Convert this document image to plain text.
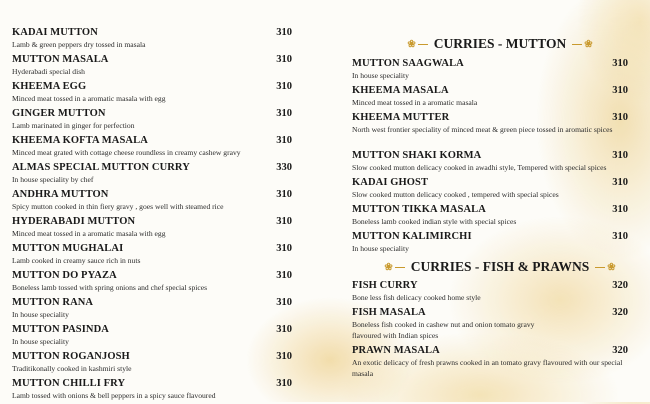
KADAI MUTTON	310
Lamb & green peppers dry tossed in masala
MUTTON MASALA	310
Hyderabadi special dish
KHEEMA EGG	310
Minced meat tossed in a aromatic masala with egg
GINGER MUTTON	310
Lamb marinated in ginger for perfection
KHEEMA KOFTA MASALA	310
Minced meat grated with cottage cheese roundless in creamy cashew gravy
ALMAS SPECIAL MUTTON CURRY	330
In house speciality by chef
ANDHRA MUTTON	310
Spicy mutton cooked in thin fiery gravy , goes well with steamed rice
HYDERABADI MUTTON	310
Minced meat tossed in a aromatic masala with egg
MUTTON MUGHALAI	310
Lamb cooked in creamy sauce rich in nuts
MUTTON DO PYAZA	310
Boneless lamb tossed with spring onions and chef special spices
MUTTON RANA	310
In house speciality
MUTTON PASINDA	310
In house speciality
MUTTON ROGANJOSH	310
Traditikonally cooked in kashmiri style
MUTTON CHILLI FRY	310
Lamb tossed with onions & bell peppers in a spicy sauce flavoured
❀	CURRIES - MUTTON	❀
MUTTON SAAGWALA	310
In house speciality
KHEEMA MASALA	310
Minced meat tossed in a aromatic masala
KHEEMA MUTTER	310
North west frontier speciality of minced meat & green piece tossed in aromatic spices
MUTTON SHAKI KORMA	310
Slow cooked mutton delicacy cooked in awadhi style, Tempered with special spices
KADAI GHOST	310
Slow cooked mutton delicacy cooked , tempered with special spices
MUTTON TIKKA MASALA	310
Boneless lamb cooked indian style with special spices
MUTTON KALIMIRCHI	310
In house speciality
❀	CURRIES - FISH & PRAWNS	❀
FISH CURRY	320
Bone less fish delicacy cooked home style
FISH MASALA	320
Boneless fish cooked in cashew nut and onion tomato gravy flavoured with Indian spices
PRAWN MASALA	320
An exotic delicacy of fresh prawns cooked in an tomato gravy flavoured with our special masala
